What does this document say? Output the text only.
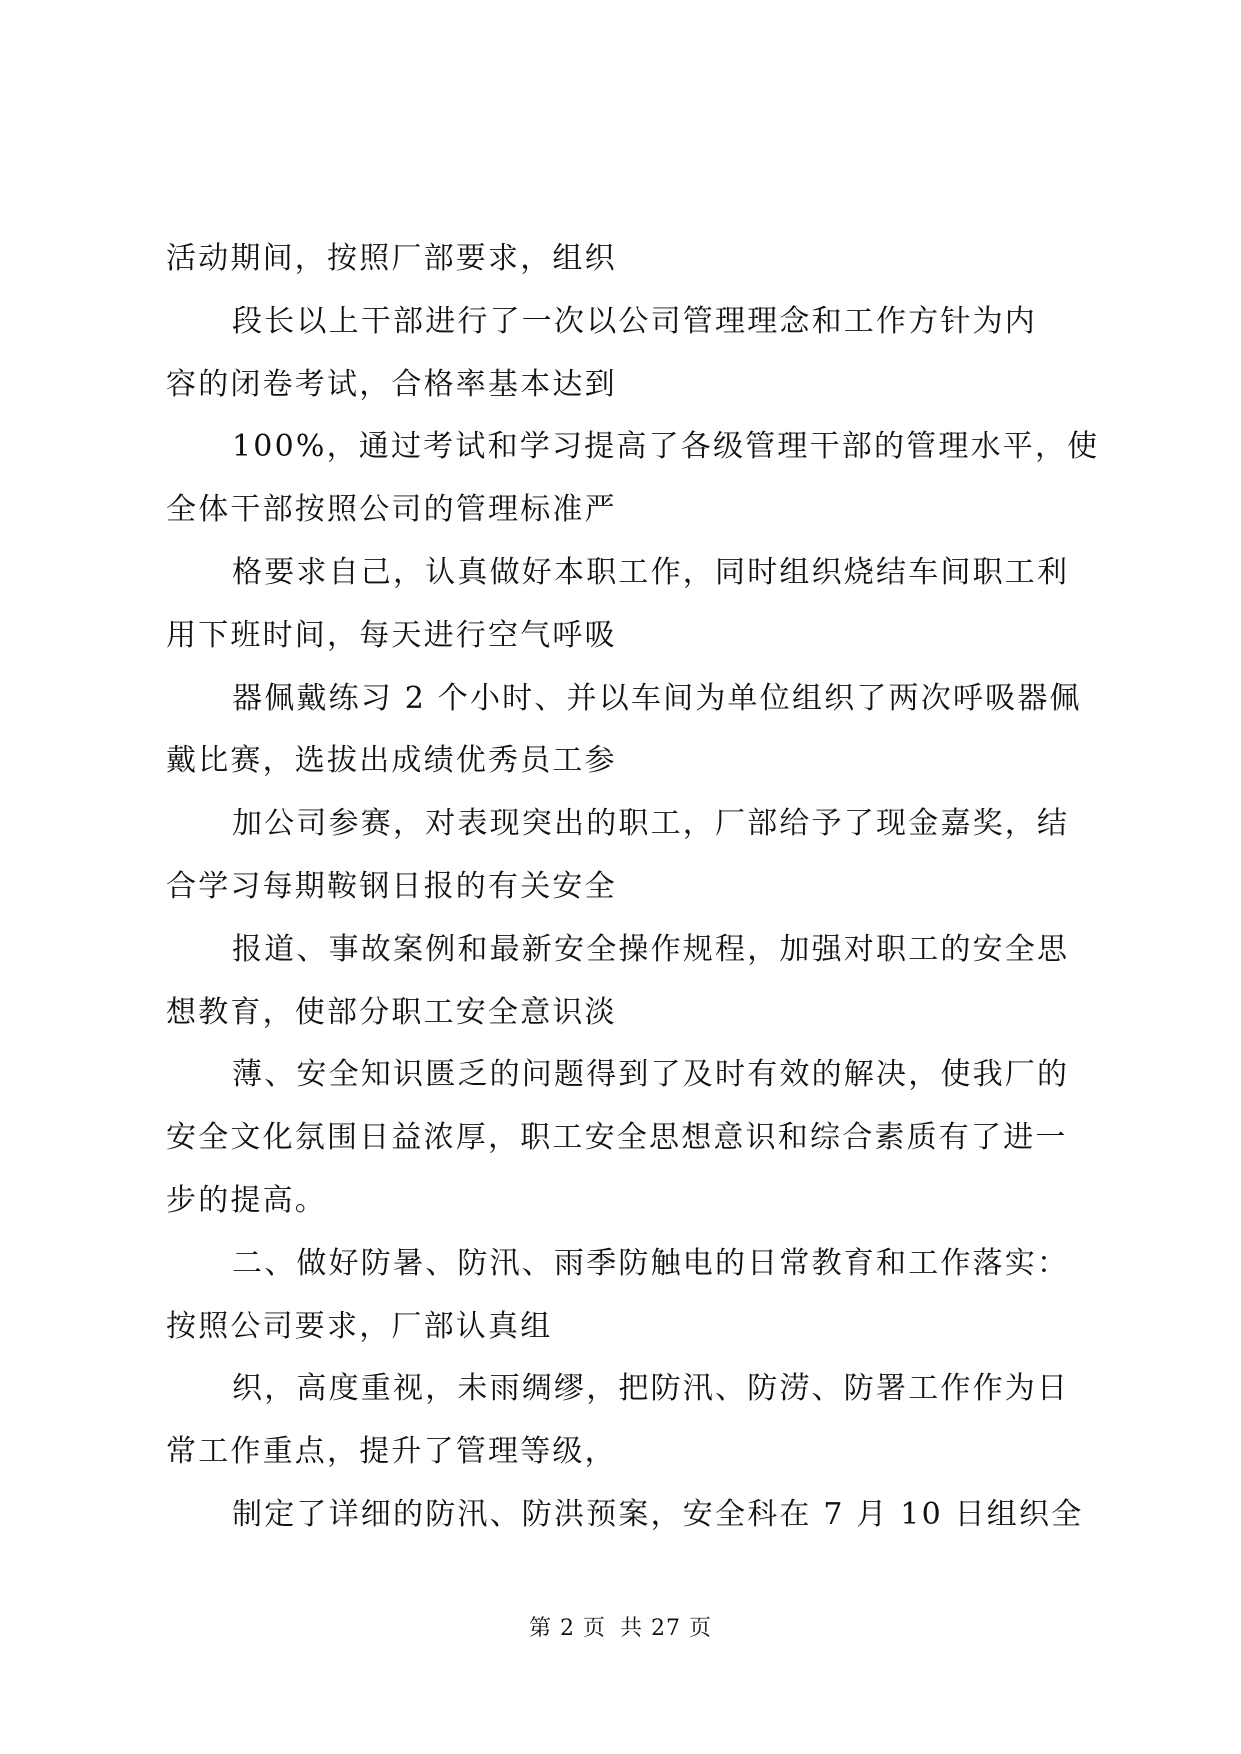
活动期间，按照厂部要求，组织

段长以上干部进行了一次以公司管理理念和工作方针为内

容的闭卷考试，合格率基本达到

100%，通过考试和学习提高了各级管理干部的管理水平，使

全体干部按照公司的管理标准严

格要求自己，认真做好本职工作，同时组织烧结车间职工利

用下班时间，每天进行空气呼吸

器佩戴练习 2 个小时、并以车间为单位组织了两次呼吸器佩

戴比赛，选拔出成绩优秀员工参

加公司参赛，对表现突出的职工，厂部给予了现金嘉奖，结

合学习每期鞍钢日报的有关安全

报道、事故案例和最新安全操作规程，加强对职工的安全思

想教育，使部分职工安全意识淡

薄、安全知识匮乏的问题得到了及时有效的解决，使我厂的

安全文化氛围日益浓厚，职工安全思想意识和综合素质有了进一

步的提高。

二、做好防暑、防汛、雨季防触电的日常教育和工作落实：

按照公司要求，厂部认真组

织，高度重视，未雨绸缪，把防汛、防涝、防署工作作为日

常工作重点，提升了管理等级，

制定了详细的防汛、防洪预案，安全科在 7 月 10 日组织全

第 2 页 共 27 页
